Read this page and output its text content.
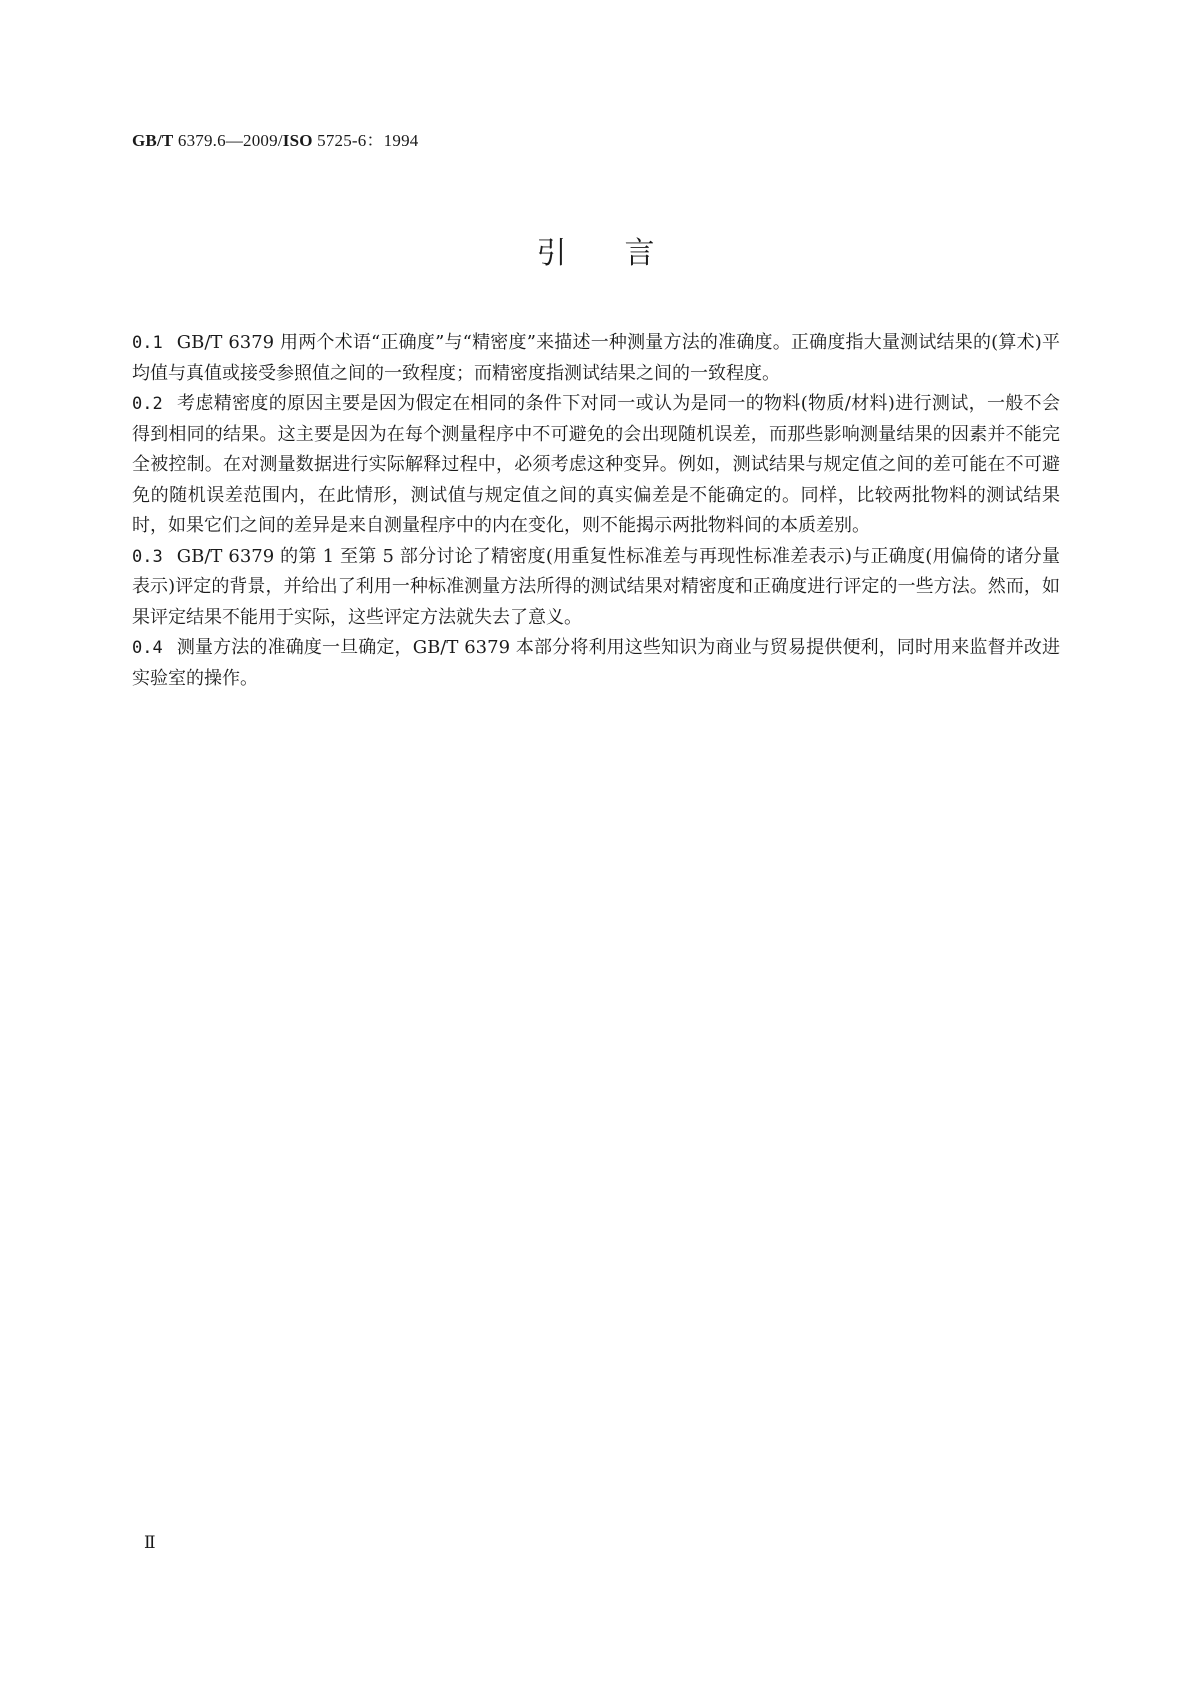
GB/T 6379.6—2009/ISO 5725-6：1994
引言

0.1 GB/T 6379 用两个术语“正确度”与“精密度”来描述一种测量方法的准确度。正确度指大量测试结果的(算术)平均值与真值或接受参照值之间的一致程度；而精密度指测试结果之间的一致程度。

0.2 考虑精密度的原因主要是因为假定在相同的条件下对同一或认为是同一的物料(物质/材料)进行测试，一般不会得到相同的结果。这主要是因为在每个测量程序中不可避免的会出现随机误差，而那些影响测量结果的因素并不能完全被控制。在对测量数据进行实际解释过程中，必须考虑这种变异。例如，测试结果与规定值之间的差可能在不可避免的随机误差范围内，在此情形，测试值与规定值之间的真实偏差是不能确定的。同样，比较两批物料的测试结果时，如果它们之间的差异是来自测量程序中的内在变化，则不能揭示两批物料间的本质差别。

0.3 GB/T 6379 的第 1 至第 5 部分讨论了精密度(用重复性标准差与再现性标准差表示)与正确度(用偏倚的诸分量表示)评定的背景，并给出了利用一种标准测量方法所得的测试结果对精密度和正确度进行评定的一些方法。然而，如果评定结果不能用于实际，这些评定方法就失去了意义。

0.4 测量方法的准确度一旦确定，GB/T 6379 本部分将利用这些知识为商业与贸易提供便利，同时用来监督并改进实验室的操作。

Ⅱ
